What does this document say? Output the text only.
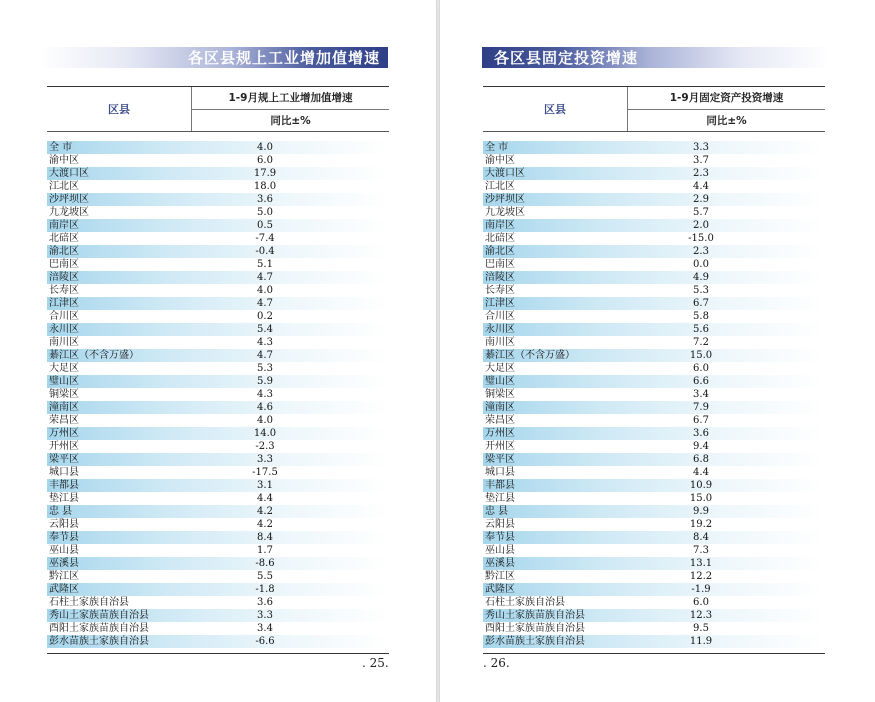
各区县规上工业增加值增速	各区县固定投资增速
区县
1-9月规上工业增加值增速
同比±%
全 市	4.0
渝中区	6.0
大渡口区	17.9
江北区	18.0
沙坪坝区	3.6
九龙坡区	5.0
南岸区	0.5
北碚区	-7.4
渝北区	-0.4
巴南区	5.1
涪陵区	4.7
长寿区	4.0
江津区	4.7
合川区	0.2
永川区	5.4
南川区	4.3
綦江区（不含万盛）	4.7
大足区	5.3
璧山区	5.9
铜梁区	4.3
潼南区	4.6
荣昌区	4.0
万州区	14.0
开州区	-2.3
梁平区	3.3
城口县	-17.5
丰都县	3.1
垫江县	4.4
忠 县	4.2
云阳县	4.2
奉节县	8.4
巫山县	1.7
巫溪县	-8.6
黔江区	5.5
武隆区	-1.8
石柱土家族自治县	3.6
秀山土家族苗族自治县	3.3
酉阳土家族苗族自治县	3.4
彭水苗族土家族自治县	-6.6
区县
1-9月固定资产投资增速
同比±%
全 市	3.3
渝中区	3.7
大渡口区	2.3
江北区	4.4
沙坪坝区	2.9
九龙坡区	5.7
南岸区	2.0
北碚区	-15.0
渝北区	2.3
巴南区	0.0
涪陵区	4.9
长寿区	5.3
江津区	6.7
合川区	5.8
永川区	5.6
南川区	7.2
綦江区（不含万盛）	15.0
大足区	6.0
璧山区	6.6
铜梁区	3.4
潼南区	7.9
荣昌区	6.7
万州区	3.6
开州区	9.4
梁平区	6.8
城口县	4.4
丰都县	10.9
垫江县	15.0
忠 县	9.9
云阳县	19.2
奉节县	8.4
巫山县	7.3
巫溪县	13.1
黔江区	12.2
武隆区	-1.9
石柱土家族自治县	6.0
秀山土家族苗族自治县	12.3
酉阳土家族苗族自治县	9.5
彭水苗族土家族自治县	11.9
. 25.	. 26.
